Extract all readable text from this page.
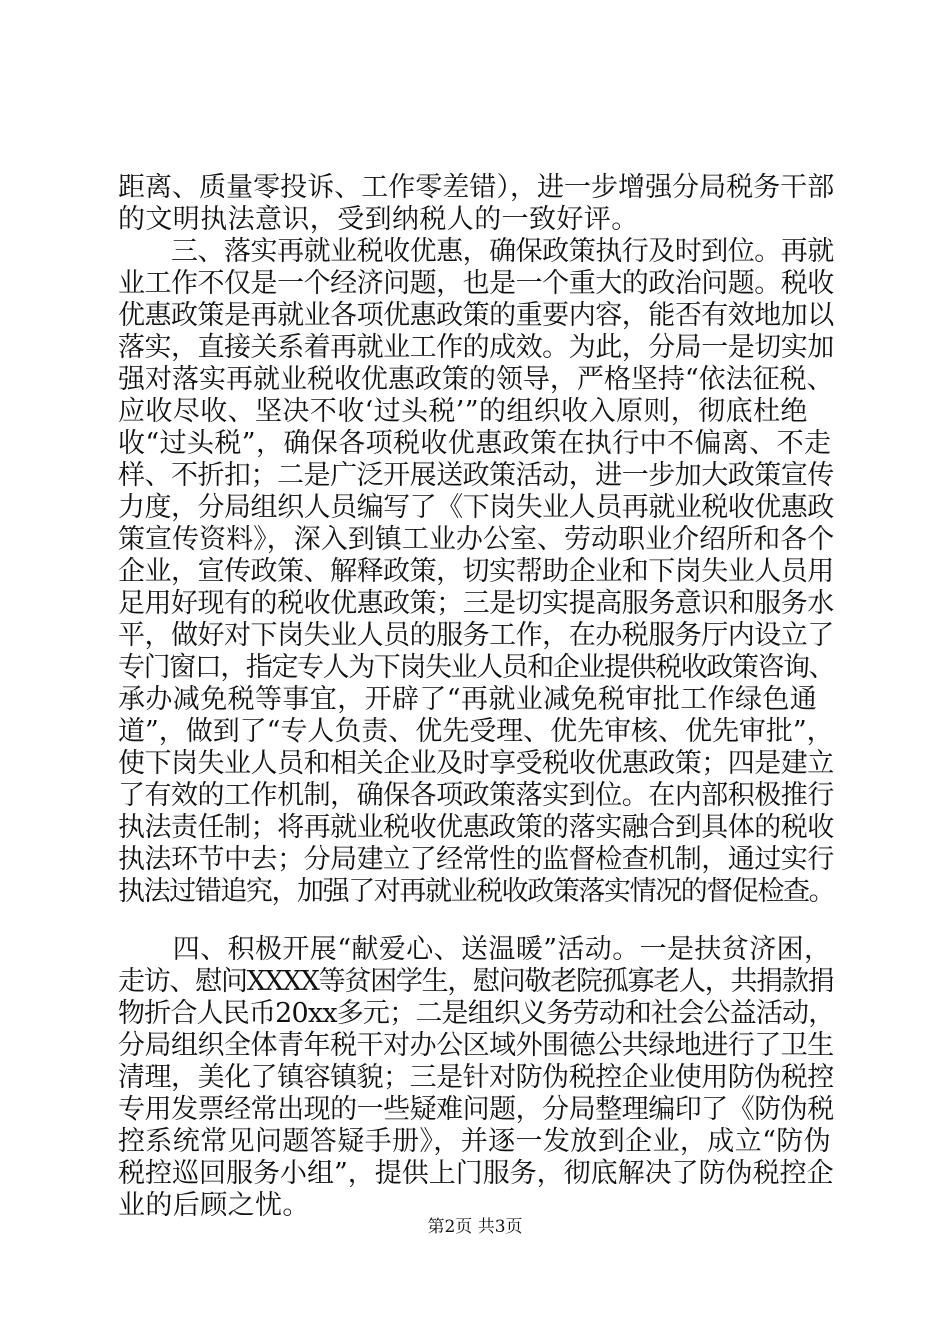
距离、质量零投诉、工作零差错），进一步增强分局税务干部
的文明执法意识，受到纳税人的一致好评。
　　三、落实再就业税收优惠，确保政策执行及时到位。再就
业工作不仅是一个经济问题，也是一个重大的政治问题。税收
优惠政策是再就业各项优惠政策的重要内容，能否有效地加以
落实，直接关系着再就业工作的成效。为此，分局一是切实加
强对落实再就业税收优惠政策的领导，严格坚持“依法征税、
应收尽收、坚决不收‘过头税’”的组织收入原则，彻底杜绝
收“过头税”，确保各项税收优惠政策在执行中不偏离、不走
样、不折扣；二是广泛开展送政策活动，进一步加大政策宣传
力度，分局组织人员编写了《下岗失业人员再就业税收优惠政
策宣传资料》，深入到镇工业办公室、劳动职业介绍所和各个
企业，宣传政策、解释政策，切实帮助企业和下岗失业人员用
足用好现有的税收优惠政策；三是切实提高服务意识和服务水
平，做好对下岗失业人员的服务工作，在办税服务厅内设立了
专门窗口，指定专人为下岗失业人员和企业提供税收政策咨询、
承办减免税等事宜，开辟了“再就业减免税审批工作绿色通
道”，做到了“专人负责、优先受理、优先审核、优先审批”，
使下岗失业人员和相关企业及时享受税收优惠政策；四是建立
了有效的工作机制，确保各项政策落实到位。在内部积极推行
执法责任制；将再就业税收优惠政策的落实融合到具体的税收
执法环节中去；分局建立了经常性的监督检查机制，通过实行
执法过错追究，加强了对再就业税收政策落实情况的督促检查。
　　四、积极开展“献爱心、送温暖”活动。一是扶贫济困，
走访、慰问XXXX等贫困学生，慰问敬老院孤寡老人，共捐款捐
物折合人民币20xx多元；二是组织义务劳动和社会公益活动，
分局组织全体青年税干对办公区域外围德公共绿地进行了卫生
清理，美化了镇容镇貌；三是针对防伪税控企业使用防伪税控
专用发票经常出现的一些疑难问题，分局整理编印了《防伪税
控系统常见问题答疑手册》，并逐一发放到企业，成立“防伪
税控巡回服务小组”，提供上门服务，彻底解决了防伪税控企
业的后顾之忧。
第2页 共3页
